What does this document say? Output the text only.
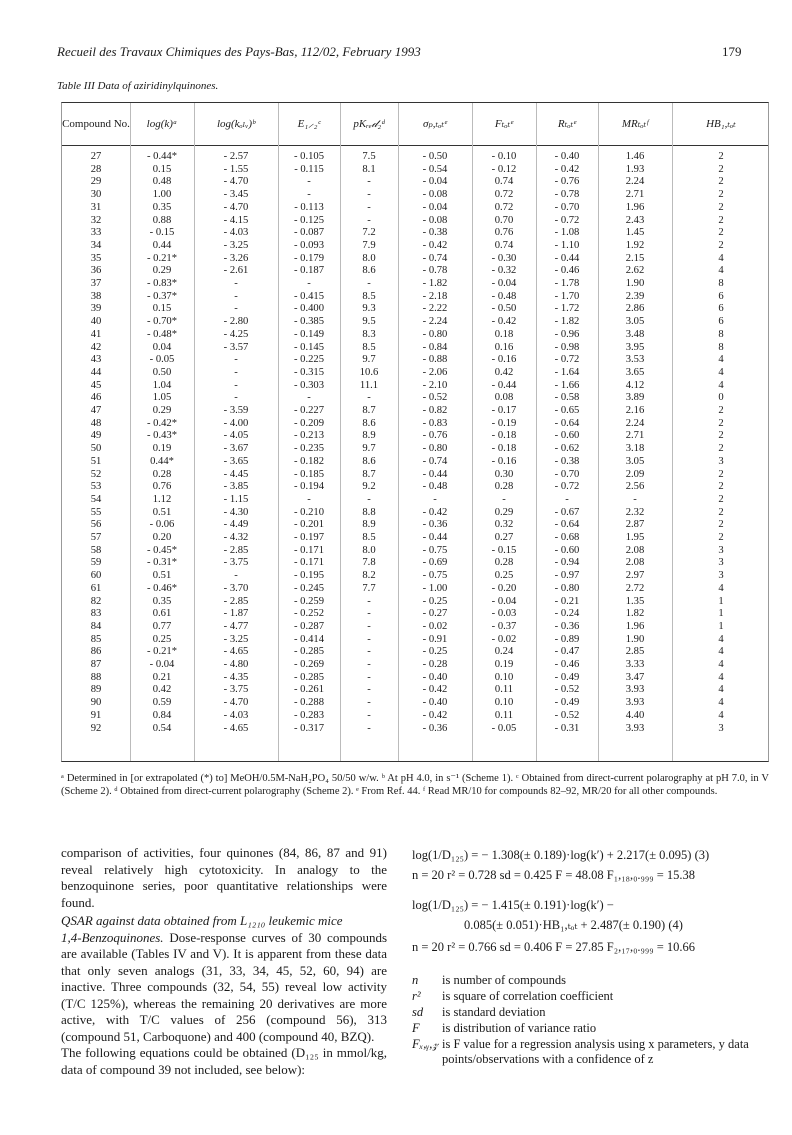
Recueil des Travaux Chimiques des Pays-Bas, 112/02, February 1993	179
Table III Data of aziridinylquinones.
Compound No.	log(k)ᵃ	log(kₒₗᵥ)ᵇ	E₁⸝₂ᶜ	pKᵣₑ𝒹₂ᵈ	σₚ,ₜₒₜᵉ	Fₜₒₜᵉ	Rₜₒₜᵉ	MRₜₒₜᶠ	HB₁,ₜₒₜ
27	- 0.44*	- 2.57	- 0.105	7.5	- 0.50	- 0.10	- 0.40	1.46	2
28	0.15	- 1.55	- 0.115	8.1	- 0.54	- 0.12	- 0.42	1.93	2
29	0.48	- 4.70	-	-	- 0.04	0.74	- 0.76	2.24	2
30	1.00	- 3.45	-	-	- 0.08	0.72	- 0.78	2.71	2
31	0.35	- 4.70	- 0.113	-	- 0.04	0.72	- 0.70	1.96	2
32	0.88	- 4.15	- 0.125	-	- 0.08	0.70	- 0.72	2.43	2
33	- 0.15	- 4.03	- 0.087	7.2	- 0.38	0.76	- 1.08	1.45	2
34	0.44	- 3.25	- 0.093	7.9	- 0.42	0.74	- 1.10	1.92	2
35	- 0.21*	- 3.26	- 0.179	8.0	- 0.74	- 0.30	- 0.44	2.15	4
36	0.29	- 2.61	- 0.187	8.6	- 0.78	- 0.32	- 0.46	2.62	4
37	- 0.83*	-	-	-	- 1.82	- 0.04	- 1.78	1.90	8
38	- 0.37*	-	- 0.415	8.5	- 2.18	- 0.48	- 1.70	2.39	6
39	0.15	-	- 0.400	9.3	- 2.22	- 0.50	- 1.72	2.86	6
40	- 0.70*	- 2.80	- 0.385	9.5	- 2.24	- 0.42	- 1.82	3.05	6
41	- 0.48*	- 4.25	- 0.149	8.3	- 0.80	0.18	- 0.96	3.48	8
42	0.04	- 3.57	- 0.145	8.5	- 0.84	0.16	- 0.98	3.95	8
43	- 0.05	-	- 0.225	9.7	- 0.88	- 0.16	- 0.72	3.53	4
44	0.50	-	- 0.315	10.6	- 2.06	0.42	- 1.64	3.65	4
45	1.04	-	- 0.303	11.1	- 2.10	- 0.44	- 1.66	4.12	4
46	1.05	-	-	-	- 0.52	0.08	- 0.58	3.89	0
47	0.29	- 3.59	- 0.227	8.7	- 0.82	- 0.17	- 0.65	2.16	2
48	- 0.42*	- 4.00	- 0.209	8.6	- 0.83	- 0.19	- 0.64	2.24	2
49	- 0.43*	- 4.05	- 0.213	8.9	- 0.76	- 0.18	- 0.60	2.71	2
50	0.19	- 3.67	- 0.235	9.7	- 0.80	- 0.18	- 0.62	3.18	2
51	0.44*	- 3.65	- 0.182	8.6	- 0.74	- 0.16	- 0.38	3.05	3
52	0.28	- 4.45	- 0.185	8.7	- 0.44	0.30	- 0.70	2.09	2
53	0.76	- 3.85	- 0.194	9.2	- 0.48	0.28	- 0.72	2.56	2
54	1.12	- 1.15	-	-	-	-	-	-	2
55	0.51	- 4.30	- 0.210	8.8	- 0.42	0.29	- 0.67	2.32	2
56	- 0.06	- 4.49	- 0.201	8.9	- 0.36	0.32	- 0.64	2.87	2
57	0.20	- 4.32	- 0.197	8.5	- 0.44	0.27	- 0.68	1.95	2
58	- 0.45*	- 2.85	- 0.171	8.0	- 0.75	- 0.15	- 0.60	2.08	3
59	- 0.31*	- 3.75	- 0.171	7.8	- 0.69	0.28	- 0.94	2.08	3
60	0.51	-	- 0.195	8.2	- 0.75	0.25	- 0.97	2.97	3
61	- 0.46*	- 3.70	- 0.245	7.7	- 1.00	- 0.20	- 0.80	2.72	4
82	0.35	- 2.85	- 0.259	-	- 0.25	- 0.04	- 0.21	1.35	1
83	0.61	- 1.87	- 0.252	-	- 0.27	- 0.03	- 0.24	1.82	1
84	0.77	- 4.77	- 0.287	-	- 0.02	- 0.37	- 0.36	1.96	1
85	0.25	- 3.25	- 0.414	-	- 0.91	- 0.02	- 0.89	1.90	4
86	- 0.21*	- 4.65	- 0.285	-	- 0.25	0.24	- 0.47	2.85	4
87	- 0.04	- 4.80	- 0.269	-	- 0.28	0.19	- 0.46	3.33	4
88	0.21	- 4.35	- 0.285	-	- 0.40	0.10	- 0.49	3.47	4
89	0.42	- 3.75	- 0.261	-	- 0.42	0.11	- 0.52	3.93	4
90	0.59	- 4.70	- 0.288	-	- 0.40	0.10	- 0.49	3.93	4
91	0.84	- 4.03	- 0.283	-	- 0.42	0.11	- 0.52	4.40	4
92	0.54	- 4.65	- 0.317	-	- 0.36	- 0.05	- 0.31	3.93	3
ᵃ Determined in [or extrapolated (*) to] MeOH/0.5M-NaH₂PO₄ 50/50 w/w. ᵇ At pH 4.0, in s⁻¹ (Scheme 1). ᶜ Obtained from direct-current polarography at pH 7.0, in V (Scheme 2). ᵈ Obtained from direct-current polarography (Scheme 2). ᵉ From Ref. 44. ᶠ Read MR/10 for compounds 82–92, MR/20 for all other compounds.

comparison of activities, four quinones (84, 86, 87 and 91) reveal relatively high cytotoxicity. In analogy to the benzoquinone series, poor quantitative relationships were found.

QSAR against data obtained from L₁₂₁₀ leukemic mice

1,4-Benzoquinones. Dose-response curves of 30 compounds are available (Tables IV and V). It is apparent from these data that only seven analogs (31, 33, 34, 45, 52, 60, 94) are inactive. Three compounds (32, 54, 55) reveal low activity (T/C 125%), whereas the remaining 20 derivatives are more active, with T/C values of 256 (compound 56), 313 (compound 51, Carboquone) and 400 (compound 40, BZQ).

The following equations could be obtained (D₁₂₅ in mmol/kg, data of compound 39 not included, see below):

log(1/D₁₂₅) = − 1.308(± 0.189)·log(k′) + 2.217(± 0.095) (3)
n = 20 r² = 0.728 sd = 0.425 F = 48.08 F₁,₁₈,₀.₉₉₉ = 15.38
log(1/D₁₂₅) = − 1.415(± 0.191)·log(k′) −
0.085(± 0.051)·HB₁,ₜₒₜ + 2.487(± 0.190) (4)
n = 20 r² = 0.766 sd = 0.406 F = 27.85 F₂,₁₇,₀.₉₉₉ = 10.66
n is number of compounds
r² is square of correlation coefficient
sd is standard deviation
F is distribution of variance ratio
Fₓ,ᵧ,𝓏 is F value for a regression analysis using x parameters, y data points/observations with a confidence of z
